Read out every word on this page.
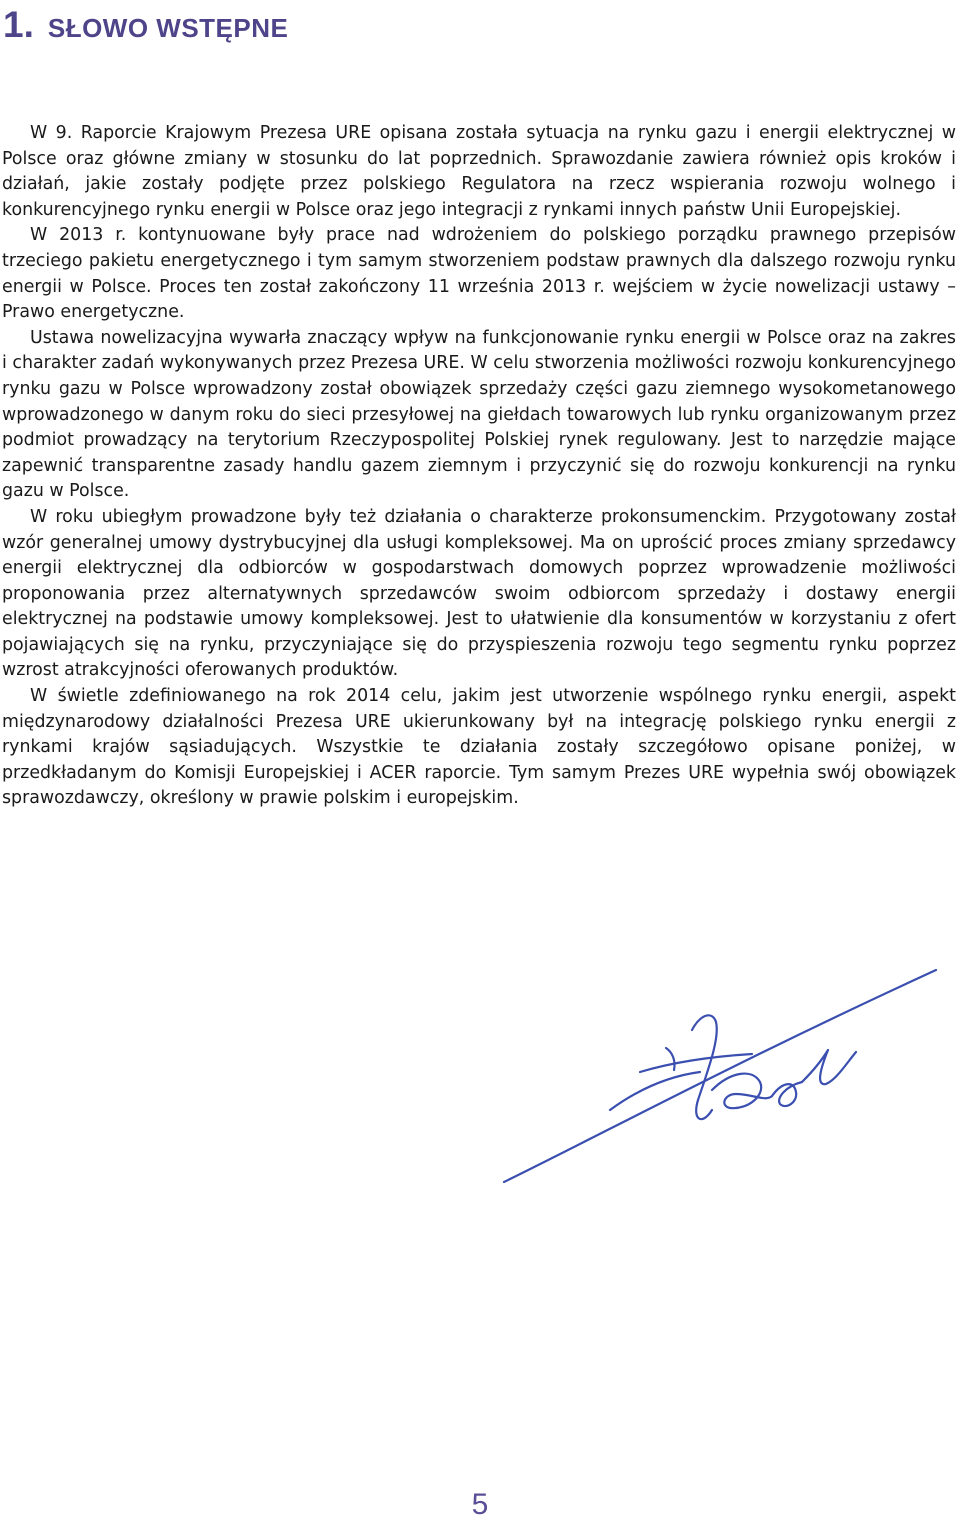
1. SŁOWO WSTĘPNE

W 9. Raporcie Krajowym Prezesa URE opisana została sytuacja na rynku gazu i energii elektrycznej w Polsce oraz główne zmiany w stosunku do lat poprzednich. Sprawozdanie zawiera również opis kroków i działań, jakie zostały podjęte przez polskiego Regulatora na rzecz wspierania rozwoju wolnego i konkurencyjnego rynku energii w Polsce oraz jego integracji z rynkami innych państw Unii Europejskiej.

W 2013 r. kontynuowane były prace nad wdrożeniem do polskiego porządku prawnego przepisów trzeciego pakietu energetycznego i tym samym stworzeniem podstaw prawnych dla dalszego rozwoju rynku energii w Polsce. Proces ten został zakończony 11 września 2013 r. wejściem w życie nowelizacji ustawy – Prawo energetyczne.

Ustawa nowelizacyjna wywarła znaczący wpływ na funkcjonowanie rynku energii w Polsce oraz na zakres i charakter zadań wykonywanych przez Prezesa URE. W celu stworzenia możliwości rozwoju konkurencyjnego rynku gazu w Polsce wprowadzony został obowiązek sprzedaży części gazu ziemnego wysokometanowego wprowadzonego w danym roku do sieci przesyłowej na giełdach towarowych lub rynku organizowanym przez podmiot prowadzący na terytorium Rzeczypospolitej Polskiej rynek regulowany. Jest to narzędzie mające zapewnić transparentne zasady handlu gazem ziemnym i przyczynić się do rozwoju konkurencji na rynku gazu w Polsce.

W roku ubiegłym prowadzone były też działania o charakterze prokonsumenckim. Przygotowany został wzór generalnej umowy dystrybucyjnej dla usługi kompleksowej. Ma on uprościć proces zmiany sprzedawcy energii elektrycznej dla odbiorców w gospodarstwach domowych poprzez wprowadzenie możliwości proponowania przez alternatywnych sprzedawców swoim odbiorcom sprzedaży i dostawy energii elektrycznej na podstawie umowy kompleksowej. Jest to ułatwienie dla konsumentów w korzystaniu z ofert pojawiających się na rynku, przyczyniające się do przyspieszenia rozwoju tego segmentu rynku poprzez wzrost atrakcyjności oferowanych produktów.

W świetle zdefiniowanego na rok 2014 celu, jakim jest utworzenie wspólnego rynku energii, aspekt międzynarodowy działalności Prezesa URE ukierunkowany był na integrację polskiego rynku energii z rynkami krajów sąsiadujących. Wszystkie te działania zostały szczegółowo opisane poniżej, w przedkładanym do Komisji Europejskiej i ACER raporcie. Tym samym Prezes URE wypełnia swój obowiązek sprawozdawczy, określony w prawie polskim i europejskim.

5
